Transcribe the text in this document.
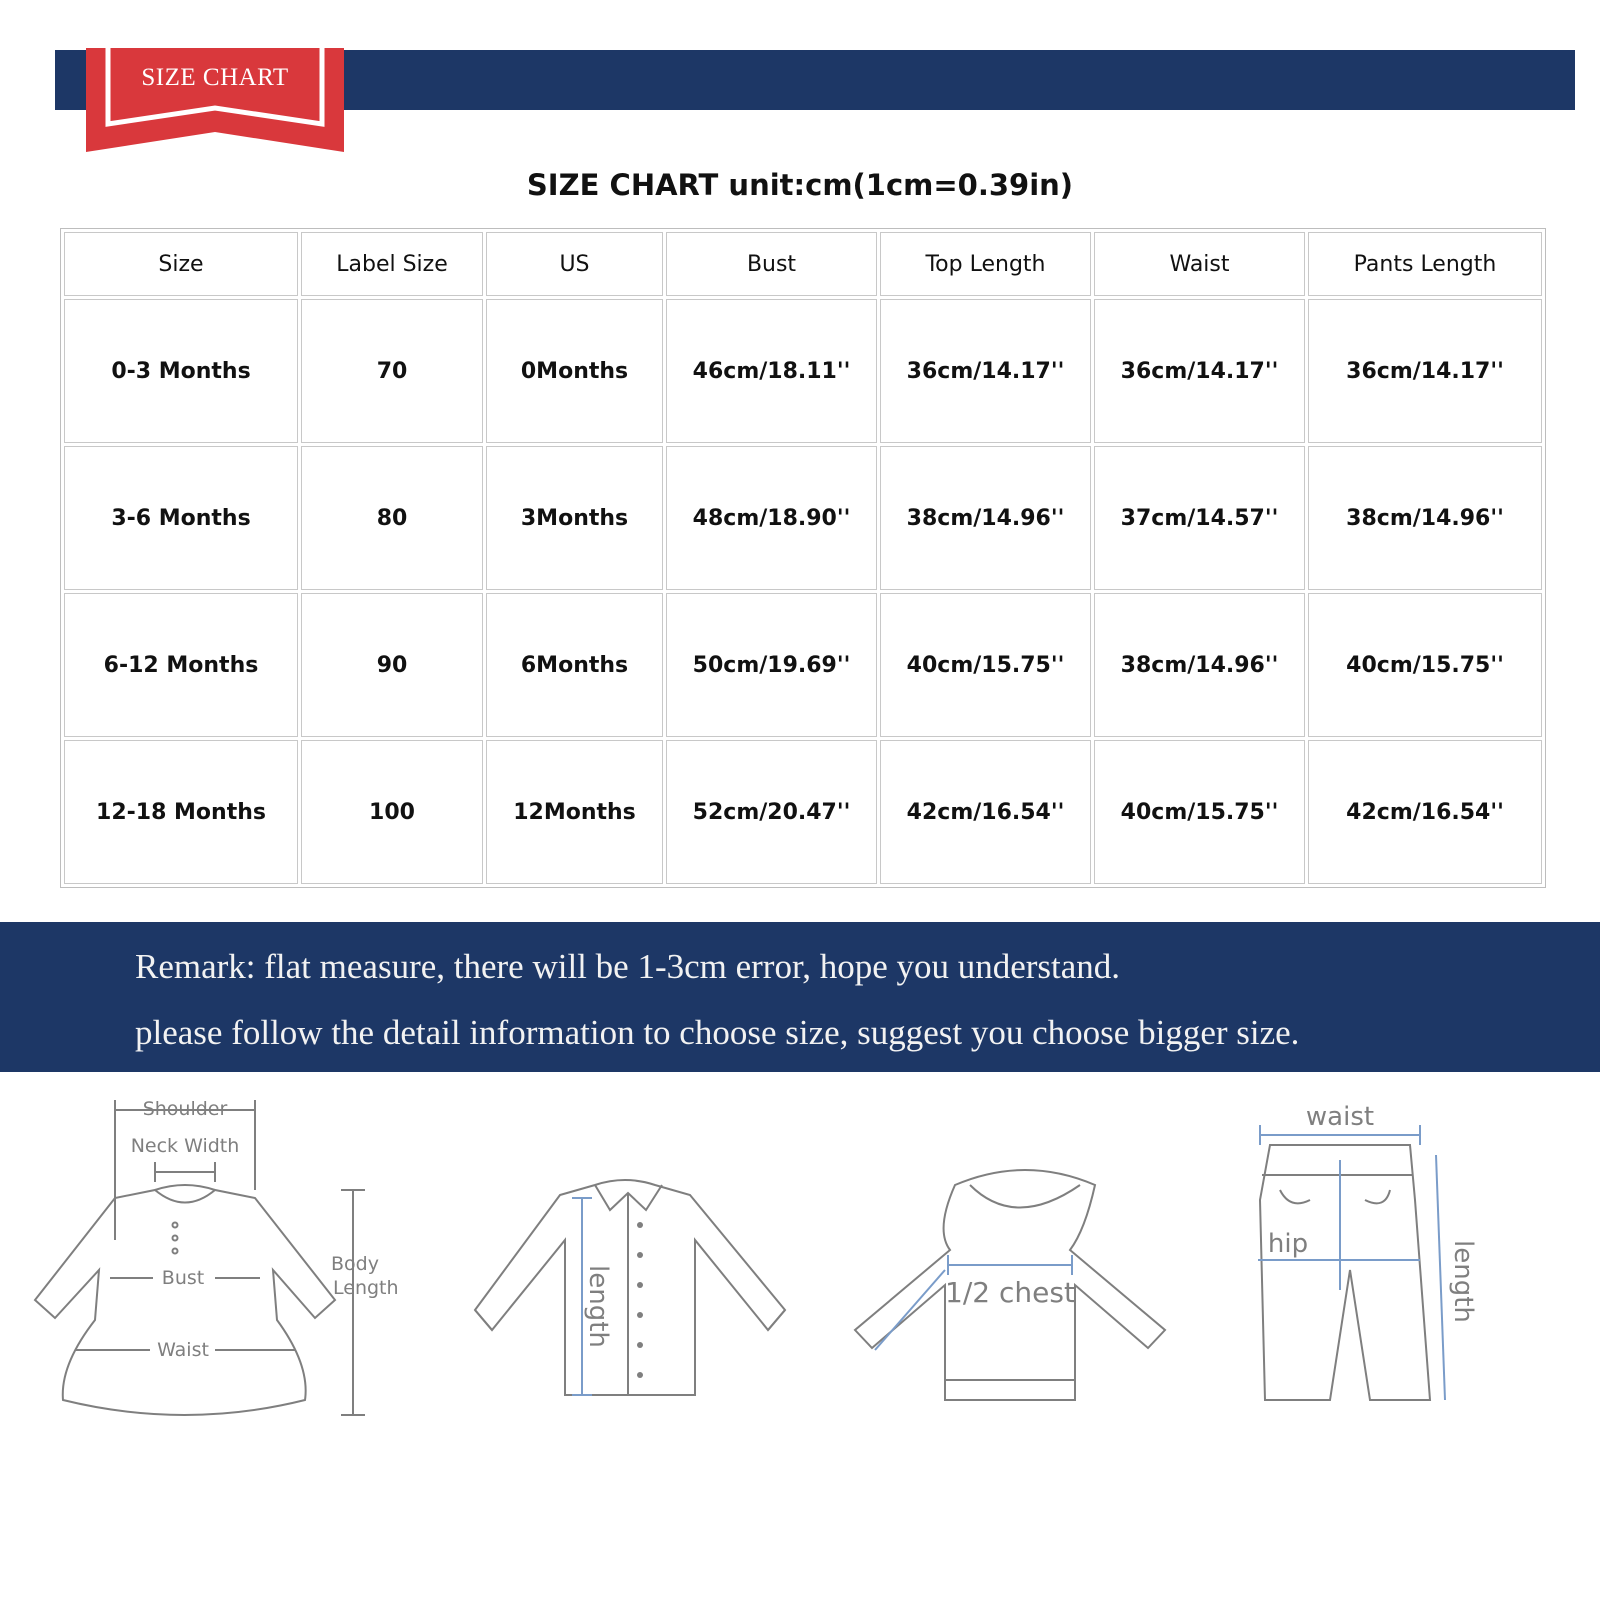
SIZE CHART
SIZE CHART unit:cm(1cm=0.39in)
Size	Label Size	US	Bust	Top Length	Waist	Pants Length
0-3 Months	70	0Months	46cm/18.11''	36cm/14.17''	36cm/14.17''	36cm/14.17''
3-6 Months	80	3Months	48cm/18.90''	38cm/14.96''	37cm/14.57''	38cm/14.96''
6-12 Months	90	6Months	50cm/19.69''	40cm/15.75''	38cm/14.96''	40cm/15.75''
12-18 Months	100	12Months	52cm/20.47''	42cm/16.54''	40cm/15.75''	42cm/16.54''
Remark: flat measure, there will be 1-3cm error, hope you understand.
please follow the detail information to choose size, suggest you choose bigger size.
Shoulder
Neck Width
Bust
Waist
Body
Length	length	1/2 chest
waist
hip	length
